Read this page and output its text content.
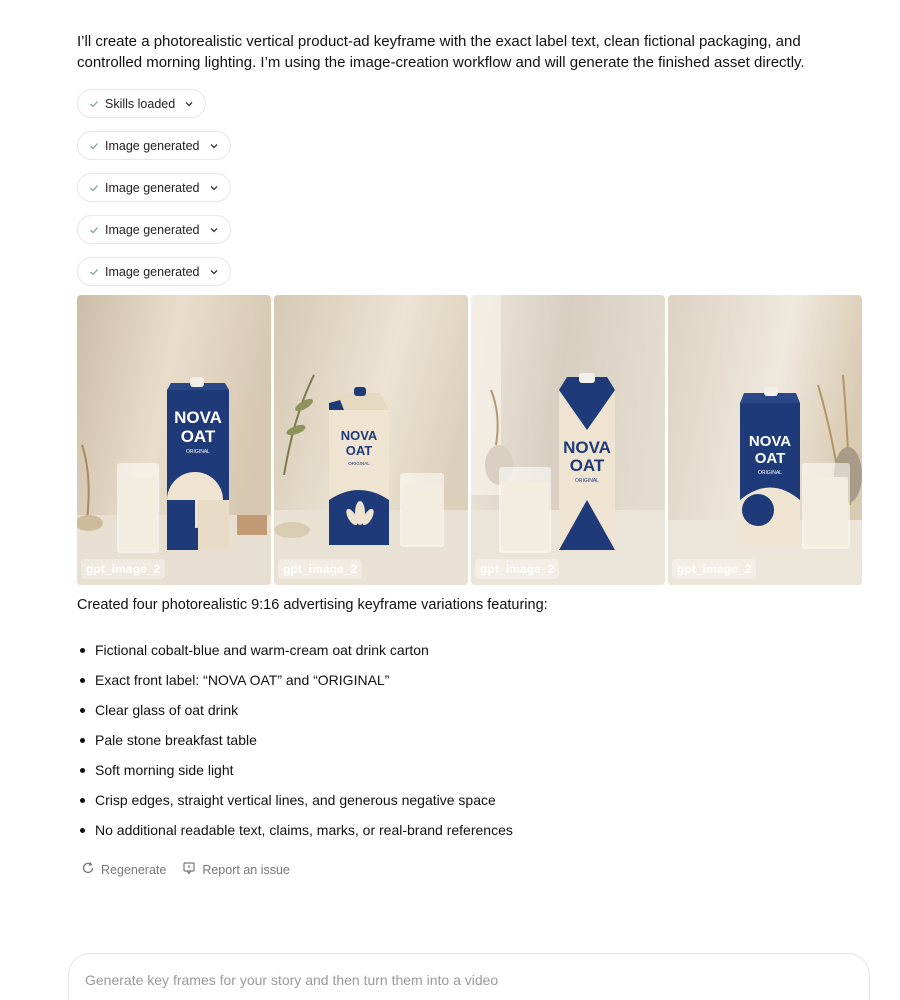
I’ll create a photorealistic vertical product-ad keyframe with the exact label text, clean fictional packaging, and controlled morning lighting. I’m using the image-creation workflow and will generate the finished asset directly.

Skills loaded
Image generated
Image generated
Image generated
Image generated
NOVA
OAT
ORIGINAL
gpt_image_2
NOVA
OAT
ORIGINAL
gpt_image_2
NOVA
OAT
ORIGINAL
gpt_image_2
NOVA
OAT
ORIGINAL
gpt_image_2

Created four photorealistic 9:16 advertising keyframe variations featuring:

Fictional cobalt-blue and warm-cream oat drink carton
Exact front label: “NOVA OAT” and “ORIGINAL”
Clear glass of oat drink
Pale stone breakfast table
Soft morning side light
Crisp edges, straight vertical lines, and generous negative space
No additional readable text, claims, marks, or real-brand references
Regenerate	Report an issue
Generate key frames for your story and then turn them into a video
